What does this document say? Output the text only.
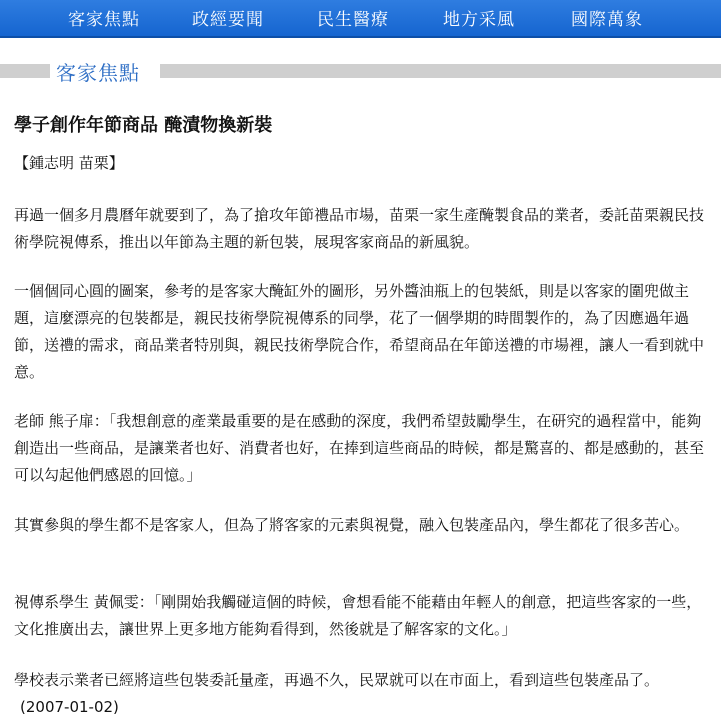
客家焦點	政經要聞	民生醫療	地方采風	國際萬象
客家焦點
學子創作年節商品 醃漬物換新裝
【鍾志明 苗栗】

再過一個多月農曆年就要到了，為了搶攻年節禮品市場，苗栗一家生產醃製食品的業者，委託苗栗親民技術學院視傳系，推出以年節為主題的新包裝，展現客家商品的新風貌。

一個個同心圓的圖案，參考的是客家大醃缸外的圖形，另外醬油瓶上的包裝紙，則是以客家的圍兜做主題，這麼漂亮的包裝都是，親民技術學院視傳系的同學，花了一個學期的時間製作的，為了因應過年過節，送禮的需求，商品業者特別與，親民技術學院合作，希望商品在年節送禮的市場裡，讓人一看到就中意。

老師 熊子扉：「我想創意的產業最重要的是在感動的深度，我們希望鼓勵學生，在研究的過程當中，能夠創造出一些商品，是讓業者也好、消費者也好，在捧到這些商品的時候，都是驚喜的、都是感動的，甚至可以勾起他們感恩的回憶。」

其實參與的學生都不是客家人，但為了將客家的元素與視覺，融入包裝產品內，學生都花了很多苦心。

視傳系學生 黃佩雯：「剛開始我觸碰這個的時候，會想看能不能藉由年輕人的創意，把這些客家的一些，文化推廣出去，讓世界上更多地方能夠看得到，然後就是了解客家的文化。」

學校表示業者已經將這些包裝委託量產，再過不久，民眾就可以在市面上，看到這些包裝產品了。(2007-01-02)
